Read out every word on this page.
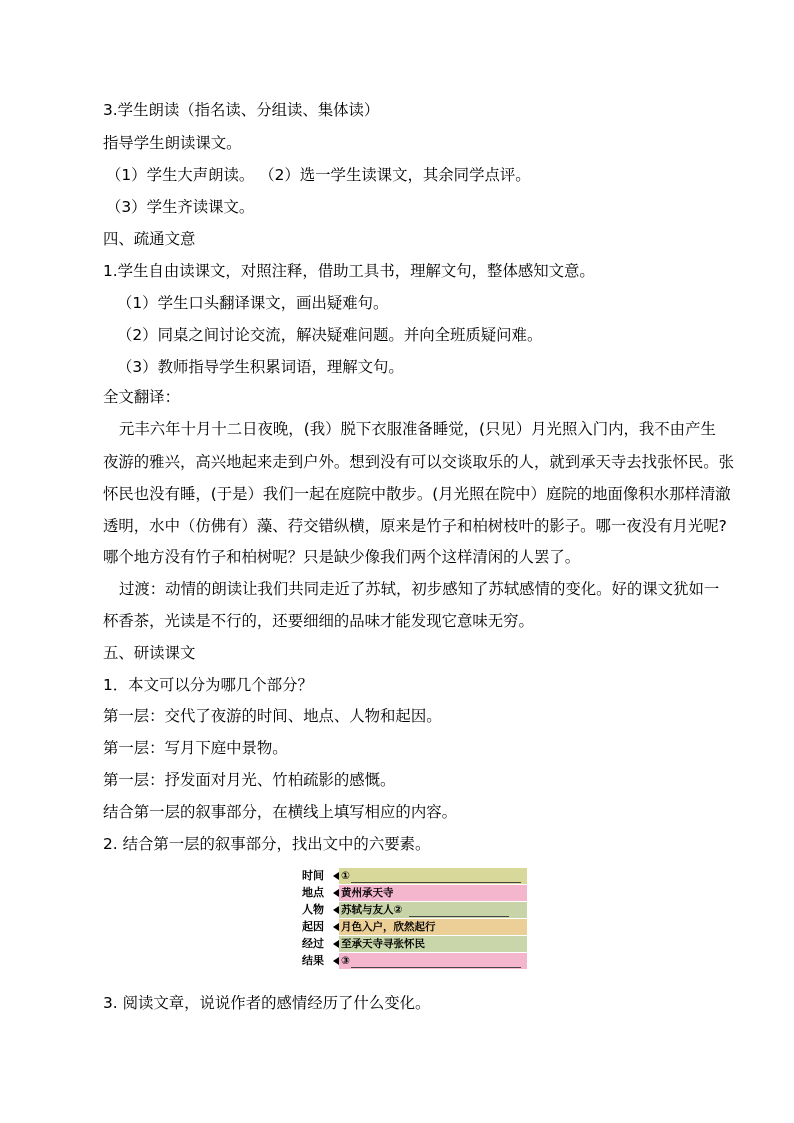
3.学生朗读（指名读、分组读、集体读）
指导学生朗读课文。
（1）学生大声朗读。 （2）选一学生读课文，其余同学点评。
（3）学生齐读课文。
四、疏通文意
1.学生自由读课文，对照注释，借助工具书，理解文句，整体感知文意。
（1）学生口头翻译课文，画出疑难句。
（2）同桌之间讨论交流，解决疑难问题。并向全班质疑问难。
（3）教师指导学生积累词语，理解文句。
全文翻译：
元丰六年十月十二日夜晚，(我）脱下衣服准备睡觉，(只见）月光照入门内，我不由产生
夜游的雅兴，高兴地起来走到户外。想到没有可以交谈取乐的人，就到承天寺去找张怀民。张
怀民也没有睡，(于是）我们一起在庭院中散步。(月光照在院中）庭院的地面像积水那样清澈
透明，水中（仿佛有）藻、荇交错纵横，原来是竹子和柏树枝叶的影子。哪一夜没有月光呢?
哪个地方没有竹子和柏树呢？只是缺少像我们两个这样清闲的人罢了。
过渡：动情的朗读让我们共同走近了苏轼，初步感知了苏轼感情的变化。好的课文犹如一
杯香茶，光读是不行的，还要细细的品味才能发现它意味无穷。
五、研读课文
1．本文可以分为哪几个部分？
第一层：交代了夜游的时间、地点、人物和起因。
第一层：写月下庭中景物。
第一层：抒发面对月光、竹柏疏影的感慨。
结合第一层的叙事部分，在横线上填写相应的内容。
2. 结合第一层的叙事部分，找出文中的六要素。
时间	①
地点	黄州承天寺
人物	苏轼与友人②
起因	月色入户，欣然起行
经过	至承天寺寻张怀民
结果	③
3. 阅读文章，说说作者的感情经历了什么变化。
